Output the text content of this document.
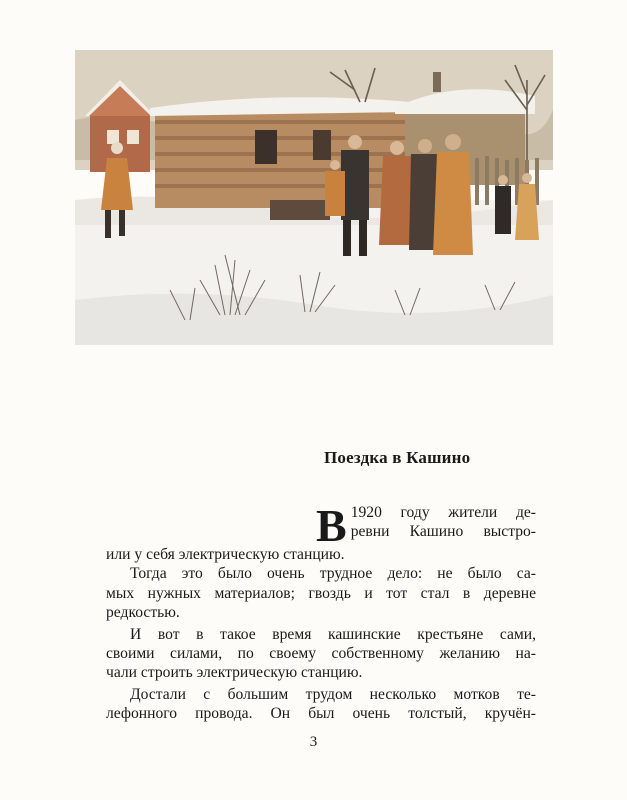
Поездка в Кашино

В 1920 году жители де-
ревни Кашино выстро-
или у себя электрическую станцию.

Тогда это было очень трудное дело: не было са-
мых нужных материалов; гвоздь и тот стал в деревне
редкостью.

И вот в такое время кашинские крестьяне сами,
своими силами, по своему собственному желанию на-
чали строить электрическую станцию.

Достали с большим трудом несколько мотков те-
лефонного провода. Он был очень толстый, кручён-

3
